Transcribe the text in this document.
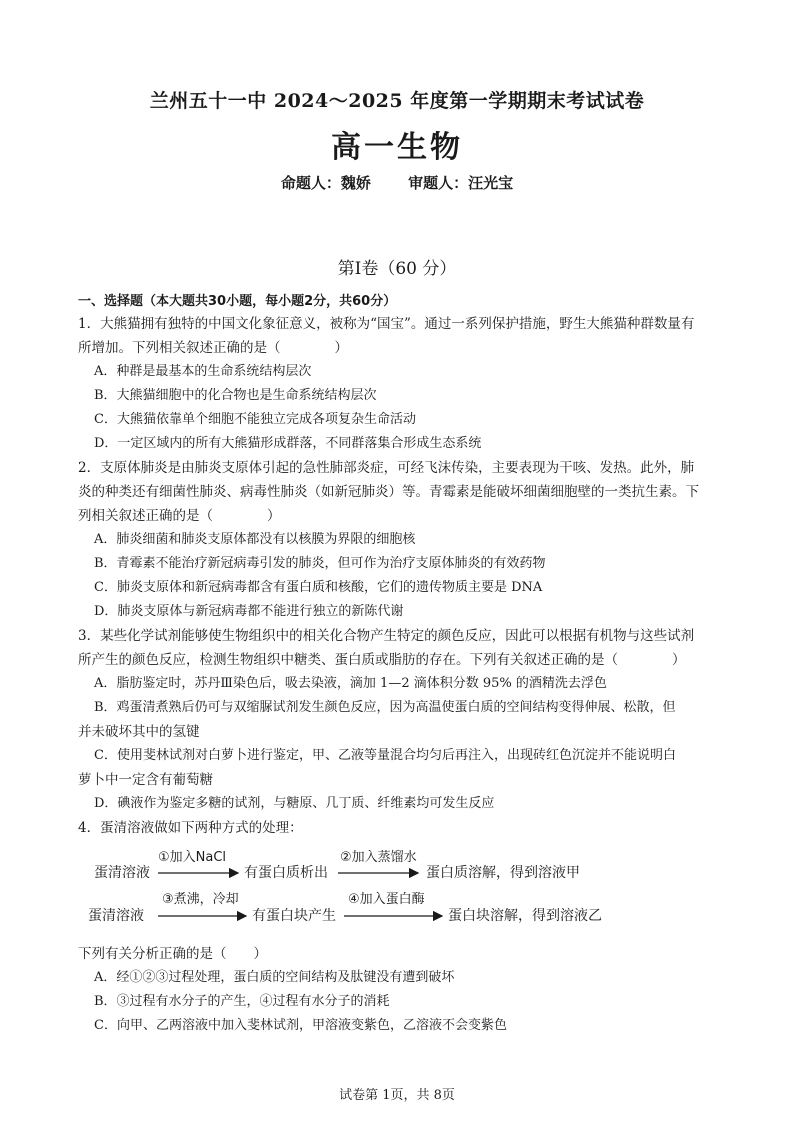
兰州五十一中 2024～2025 年度第一学期期末考试试卷
高一生物
命题人：魏娇 审题人：汪光宝
第Ⅰ卷（60 分）
一、选择题（本大题共30小题，每小题2分，共60分）
1．大熊猫拥有独特的中国文化象征意义，被称为“国宝”。通过一系列保护措施，野生大熊猫种群数量有
所增加。下列相关叙述正确的是（　　　　）
A．种群是最基本的生命系统结构层次
B．大熊猫细胞中的化合物也是生命系统结构层次
C．大熊猫依靠单个细胞不能独立完成各项复杂生命活动
D．一定区域内的所有大熊猫形成群落，不同群落集合形成生态系统
2．支原体肺炎是由肺炎支原体引起的急性肺部炎症，可经飞沫传染，主要表现为干咳、发热。此外，肺
炎的种类还有细菌性肺炎、病毒性肺炎（如新冠肺炎）等。青霉素是能破坏细菌细胞壁的一类抗生素。下
列相关叙述正确的是（　　　　）
A．肺炎细菌和肺炎支原体都没有以核膜为界限的细胞核
B．青霉素不能治疗新冠病毒引发的肺炎，但可作为治疗支原体肺炎的有效药物
C．肺炎支原体和新冠病毒都含有蛋白质和核酸，它们的遗传物质主要是 DNA
D．肺炎支原体与新冠病毒都不能进行独立的新陈代谢
3．某些化学试剂能够使生物组织中的相关化合物产生特定的颜色反应，因此可以根据有机物与这些试剂
所产生的颜色反应，检测生物组织中糖类、蛋白质或脂肪的存在。下列有关叙述正确的是（　　　　）
A．脂肪鉴定时，苏丹Ⅲ染色后，吸去染液，滴加 1—2 滴体积分数 95% 的酒精洗去浮色
B．鸡蛋清煮熟后仍可与双缩脲试剂发生颜色反应，因为高温使蛋白质的空间结构变得伸展、松散，但
并未破坏其中的氢键
C．使用斐林试剂对白萝卜进行鉴定，甲、乙液等量混合均匀后再注入，出现砖红色沉淀并不能说明白
萝卜中一定含有葡萄糖
D．碘液作为鉴定多糖的试剂，与糖原、几丁质、纤维素均可发生反应
4．蛋清溶液做如下两种方式的处理：
蛋清溶液
①加入NaCl
有蛋白质析出
②加入蒸馏水
蛋白质溶解，得到溶液甲
蛋清溶液
③煮沸，冷却
有蛋白块产生
④加入蛋白酶
蛋白块溶解，得到溶液乙
下列有关分析正确的是（　　）
A．经①②③过程处理，蛋白质的空间结构及肽键没有遭到破坏
B．③过程有水分子的产生，④过程有水分子的消耗
C．向甲、乙两溶液中加入斐林试剂，甲溶液变紫色，乙溶液不会变紫色
试卷第 1页，共 8页
